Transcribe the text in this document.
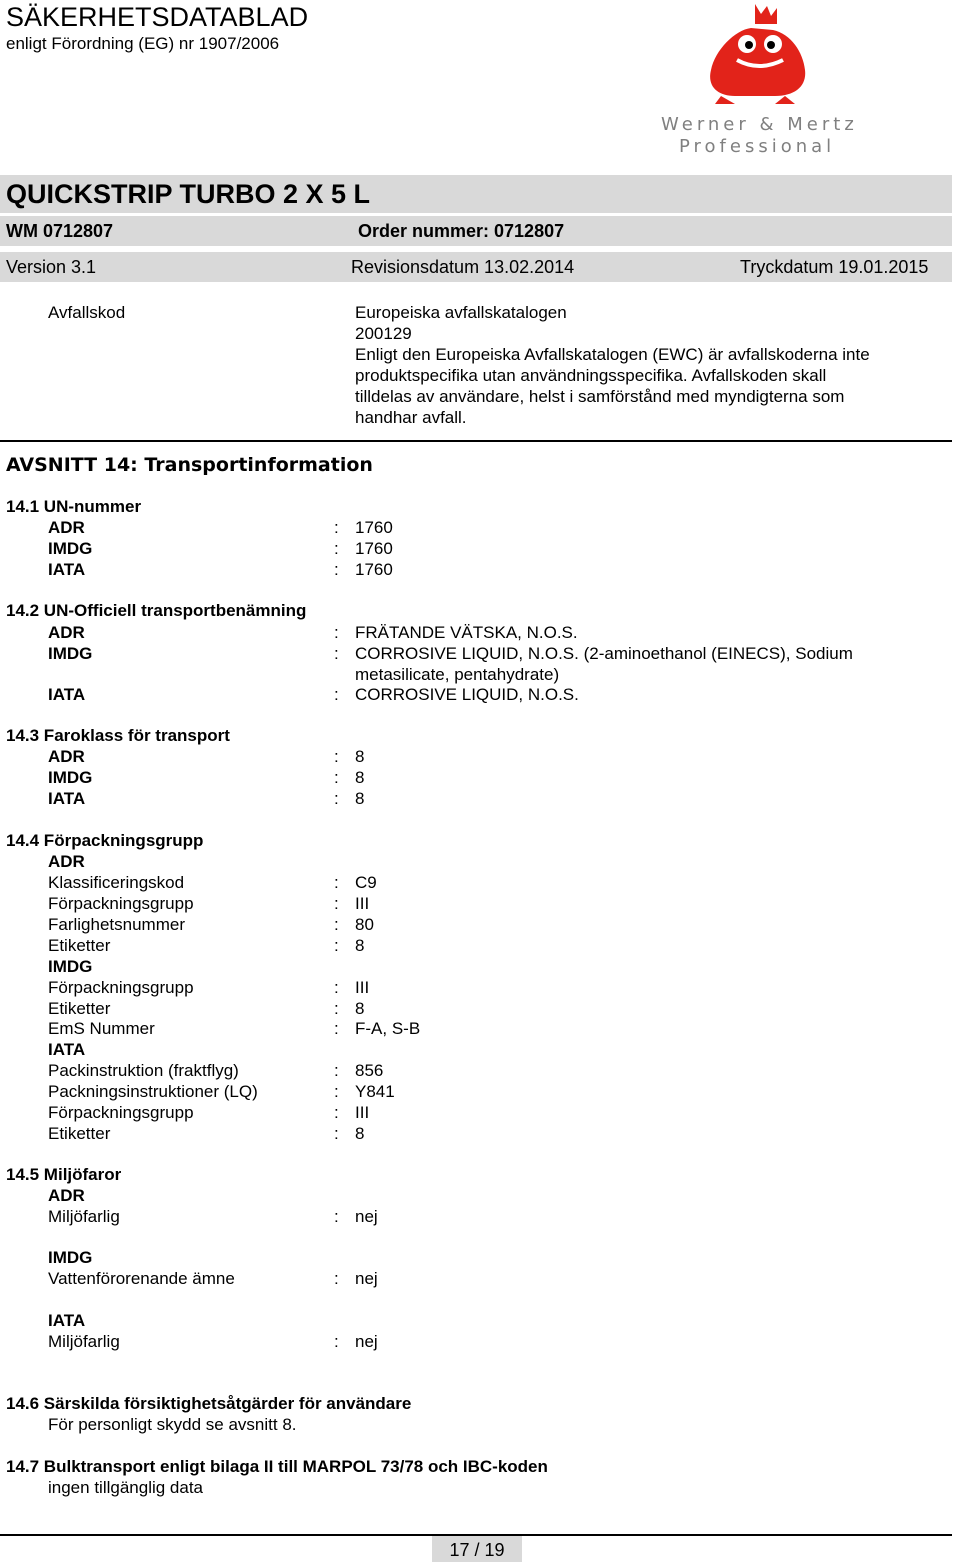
SÄKERHETSDATABLAD
enligt Förordning (EG) nr 1907/2006
Werner & Mertz
Professional
QUICKSTRIP TURBO 2 X 5 L
WM 0712807	Order nummer: 0712807
Version 3.1	Revisionsdatum 13.02.2014	Tryckdatum 19.01.2015
Avfallskod	Europeiska avfallskatalogen
200129
Enligt den Europeiska Avfallskatalogen (EWC) är avfallskoderna inte
produktspecifika utan användningsspecifika. Avfallskoden skall
tilldelas av användare, helst i samförstånd med myndigterna som
handhar avfall.
AVSNITT 14: Transportinformation
14.1 UN-nummer
ADR	: 1760
IMDG	: 1760
IATA	: 1760
14.2 UN-Officiell transportbenämning
ADR	: FRÄTANDE VÄTSKA, N.O.S.
IMDG	: CORROSIVE LIQUID, N.O.S. (2-aminoethanol (EINECS), Sodium
metasilicate, pentahydrate)
IATA	: CORROSIVE LIQUID, N.O.S.
14.3 Faroklass för transport
ADR	: 8
IMDG	: 8
IATA	: 8
14.4 Förpackningsgrupp
ADR
Klassificeringskod	: C9
Förpackningsgrupp	: III
Farlighetsnummer	: 80
Etiketter	: 8
IMDG
Förpackningsgrupp	: III
Etiketter	: 8
EmS Nummer	: F-A, S-B
IATA
Packinstruktion (fraktflyg)	: 856
Packningsinstruktioner (LQ)	: Y841
Förpackningsgrupp	: III
Etiketter	: 8
14.5 Miljöfaror
ADR
Miljöfarlig	: nej
IMDG
Vattenförorenande ämne	: nej
IATA
Miljöfarlig	: nej
14.6 Särskilda försiktighetsåtgärder för användare
För personligt skydd se avsnitt 8.
14.7 Bulktransport enligt bilaga II till MARPOL 73/78 och IBC-koden
ingen tillgänglig data
17 / 19
